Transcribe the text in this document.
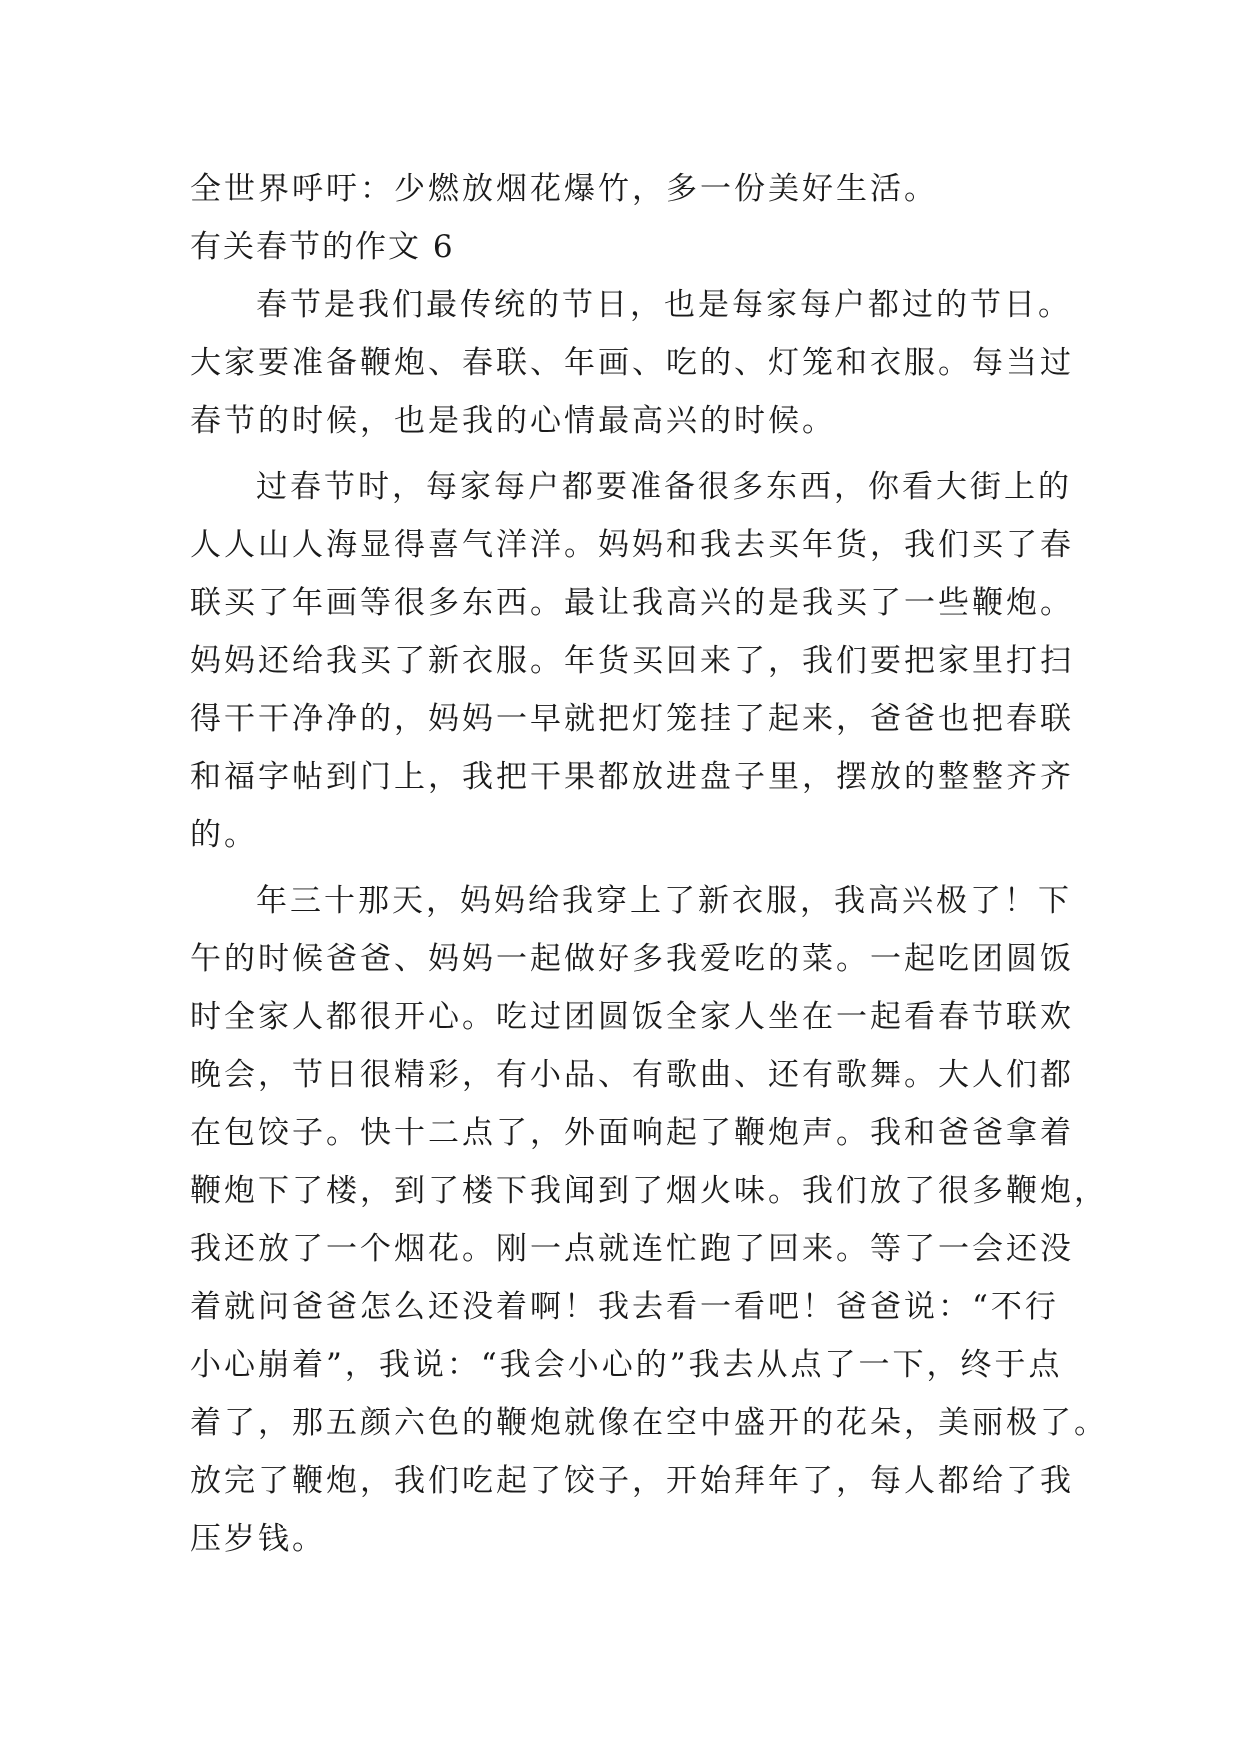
全世界呼吁：少燃放烟花爆竹，多一份美好生活。
有关春节的作文 6
春节是我们最传统的节日，也是每家每户都过的节日。
大家要准备鞭炮、春联、年画、吃的、灯笼和衣服。每当过
春节的时候，也是我的心情最高兴的时候。
过春节时，每家每户都要准备很多东西，你看大街上的
人人山人海显得喜气洋洋。妈妈和我去买年货，我们买了春
联买了年画等很多东西。最让我高兴的是我买了一些鞭炮。
妈妈还给我买了新衣服。年货买回来了，我们要把家里打扫
得干干净净的，妈妈一早就把灯笼挂了起来，爸爸也把春联
和福字帖到门上，我把干果都放进盘子里，摆放的整整齐齐
的。
年三十那天，妈妈给我穿上了新衣服，我高兴极了！下
午的时候爸爸、妈妈一起做好多我爱吃的菜。一起吃团圆饭
时全家人都很开心。吃过团圆饭全家人坐在一起看春节联欢
晚会，节日很精彩，有小品、有歌曲、还有歌舞。大人们都
在包饺子。快十二点了，外面响起了鞭炮声。我和爸爸拿着
鞭炮下了楼，到了楼下我闻到了烟火味。我们放了很多鞭炮，
我还放了一个烟花。刚一点就连忙跑了回来。等了一会还没
着就问爸爸怎么还没着啊！我去看一看吧！爸爸说：“不行
小心崩着”，我说：“我会小心的”我去从点了一下，终于点
着了，那五颜六色的鞭炮就像在空中盛开的花朵，美丽极了。
放完了鞭炮，我们吃起了饺子，开始拜年了，每人都给了我
压岁钱。
